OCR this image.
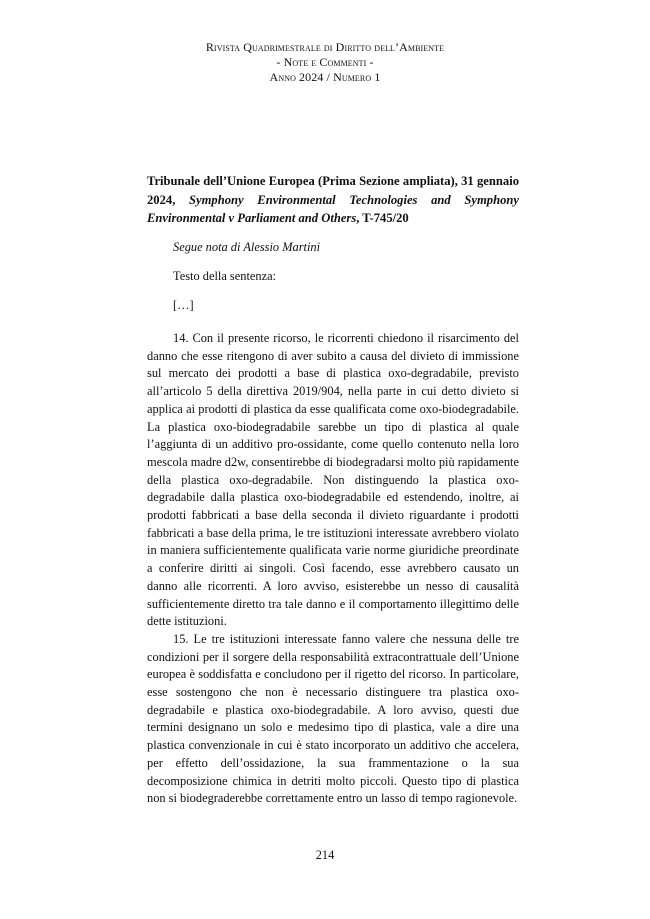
Rivista Quadrimestrale di Diritto dell’Ambiente
- Note e Commenti -
Anno 2024 / Numero 1
Tribunale dell’Unione Europea (Prima Sezione ampliata), 31 gennaio 2024, Symphony Environmental Technologies and Symphony Environmental v Parliament and Others, T-745/20
Segue nota di Alessio Martini
Testo della sentenza:
[…]

14. Con il presente ricorso, le ricorrenti chiedono il risarcimento del danno che esse ritengono di aver subito a causa del divieto di immissione sul mercato dei prodotti a base di plastica oxo-degradabile, previsto all’articolo 5 della direttiva 2019/904, nella parte in cui detto divieto si applica ai prodotti di plastica da esse qualificata come oxo-biodegradabile. La plastica oxo-biodegradabile sarebbe un tipo di plastica al quale l’aggiunta di un additivo pro-ossidante, come quello contenuto nella loro mescola madre d2w, consentirebbe di biodegradarsi molto più rapidamente della plastica oxo-degradabile. Non distinguendo la plastica oxo-degradabile dalla plastica oxo-biodegradabile ed estendendo, inoltre, ai prodotti fabbricati a base della seconda il divieto riguardante i prodotti fabbricati a base della prima, le tre istituzioni interessate avrebbero violato in maniera sufficientemente qualificata varie norme giuridiche preordinate a conferire diritti ai singoli. Così facendo, esse avrebbero causato un danno alle ricorrenti. A loro avviso, esisterebbe un nesso di causalità sufficientemente diretto tra tale danno e il comportamento illegittimo delle dette istituzioni.

15. Le tre istituzioni interessate fanno valere che nessuna delle tre condizioni per il sorgere della responsabilità extracontrattuale dell’Unione europea è soddisfatta e concludono per il rigetto del ricorso. In particolare, esse sostengono che non è necessario distinguere tra plastica oxo-degradabile e plastica oxo-biodegradabile. A loro avviso, questi due termini designano un solo e medesimo tipo di plastica, vale a dire una plastica convenzionale in cui è stato incorporato un additivo che accelera, per effetto dell’ossidazione, la sua frammentazione o la sua decomposizione chimica in detriti molto piccoli. Questo tipo di plastica non si biodegraderebbe correttamente entro un lasso di tempo ragionevole.

214
